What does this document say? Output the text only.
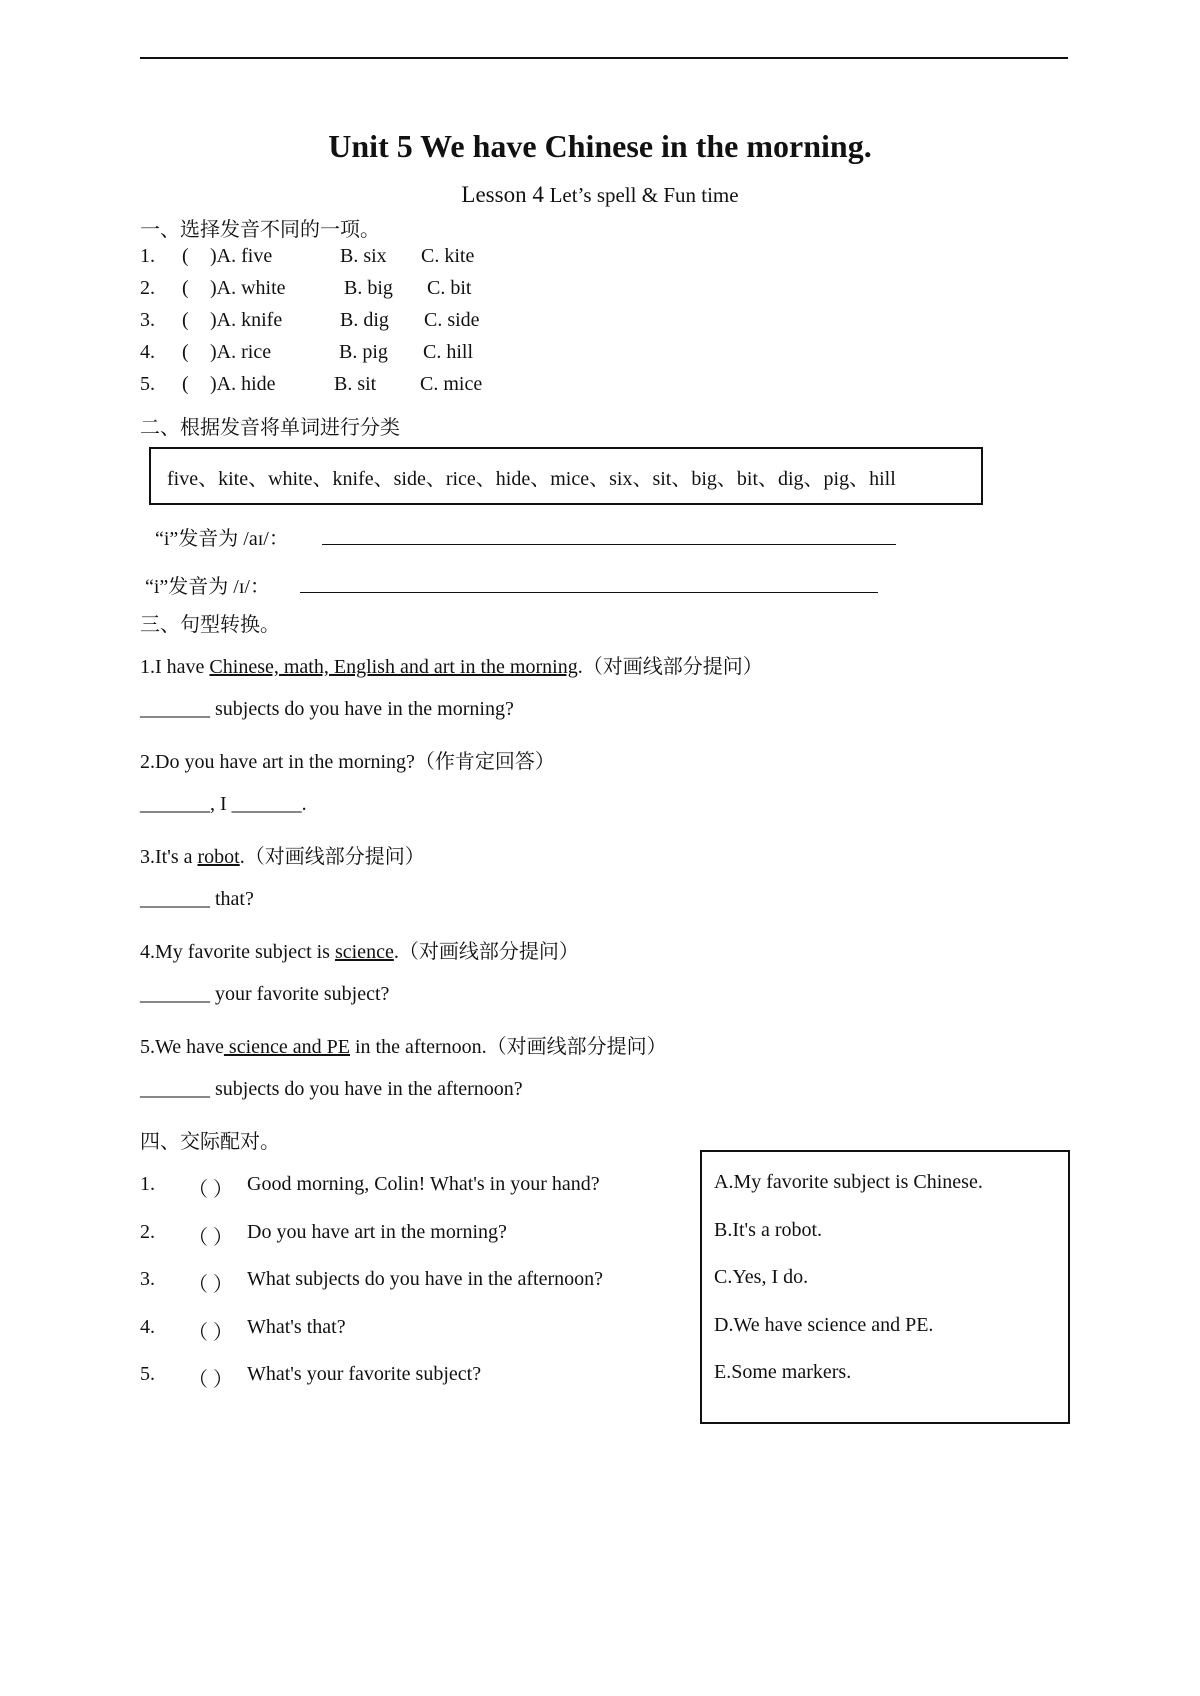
Unit 5 We have Chinese in the morning.
Lesson 4 Let’s spell & Fun time
一、选择发音不同的一项。
1. ( )A. five	B. six C. kite
2. ( )A. white	B. big C. bit
3. ( )A. knife	B. dig C. side
4. ( )A. rice	B. pig C. hill
5. ( )A. hide	B. sit C. mice
二、根据发音将单词进行分类
five、kite、white、knife、side、rice、hide、mice、six、sit、big、bit、dig、pig、hill
“i”发音为 /aɪ/：
“i”发音为 /ɪ/：
三、句型转换。
1.I have Chinese, math, English and art in the morning.（对画线部分提问）
_______ subjects do you have in the morning?
2.Do you have art in the morning?（作肯定回答）
_______, I _______.
3.It's a robot.（对画线部分提问）
_______ that?
4.My favorite subject is science.（对画线部分提问）
_______ your favorite subject?
5.We have science and PE in the afternoon.（对画线部分提问）
_______ subjects do you have in the afternoon?
四、交际配对。
1. （ ） Good morning, Colin! What's in your hand?
2. （ ） Do you have art in the morning?
3. （ ） What subjects do you have in the afternoon?
4. （ ） What's that?
5. （ ） What's your favorite subject?
A.My favorite subject is Chinese.
B.It's a robot.
C.Yes, I do.
D.We have science and PE.
E.Some markers.
